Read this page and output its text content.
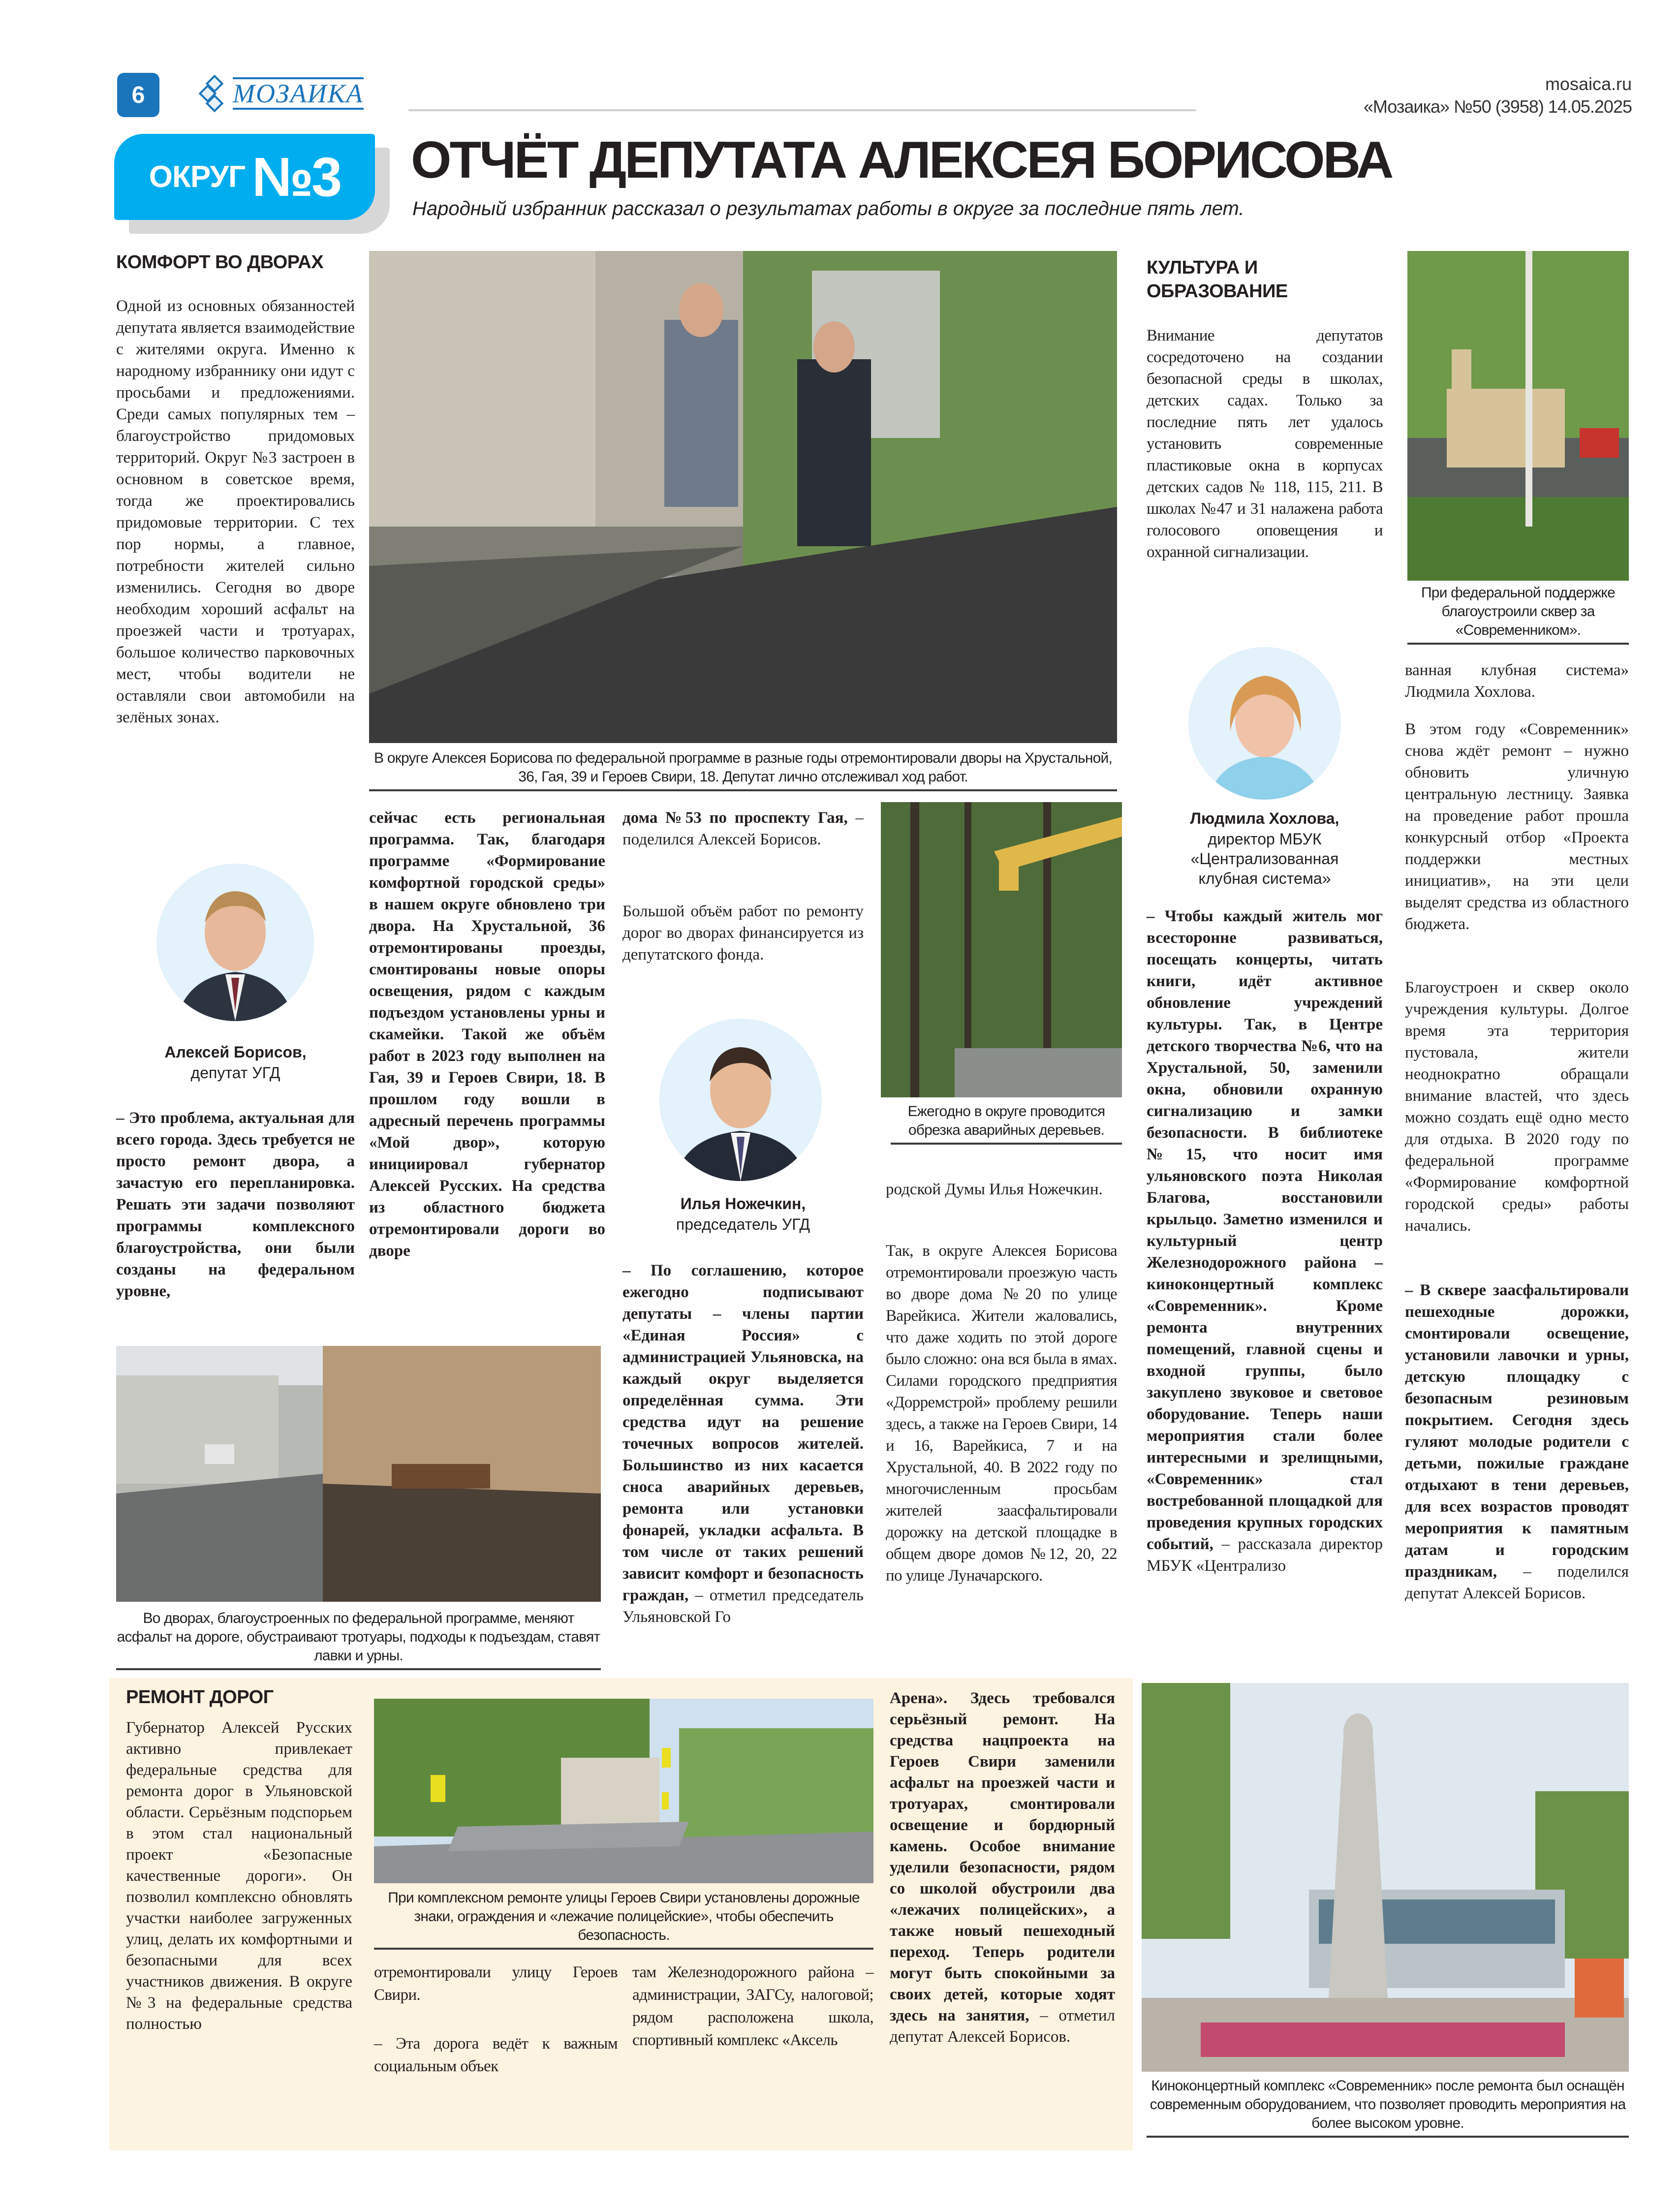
6	МОЗАИКА	mosaica.ru
«Мозаика» №50 (3958) 14.05.2025
ОКРУГ №3 ОТЧЁТ ДЕПУТАТА АЛЕКСЕЯ БОРИСОВА
Народный избранник рассказал о результатах работы в округе за последние пять лет.
КОМФОРТ ВО ДВОРАХ
Одной из основных обязанностей депутата является взаимодействие с жителями округа. Именно к народному избраннику они идут с просьбами и предложениями. Среди самых популярных тем – благоустройство придомовых территорий. Округ №3 застроен в основном в советское время, тогда же проектировались придомовые территории. С тех пор нормы, а главное, потребности жителей сильно изменились. Сегодня во дворе необходим хороший асфальт на проезжей части и тротуарах, большое количество парковочных мест, чтобы водители не оставляли свои автомобили на зелёных зонах.
Алексей Борисов,
депутат УГД
– Это проблема, актуальная для всего города. Здесь требуется не просто ремонт двора, а зачастую его перепланировка. Решать эти задачи позволяют программы комплексного благоустройства, они были созданы на федеральном уровне,
В округе Алексея Борисова по федеральной программе в разные годы отремонтировали дворы на Хрустальной, 36, Гая, 39 и Героев Свири, 18. Депутат лично отслеживал ход работ.
сейчас есть региональная программа. Так, благодаря программе «Формирование комфортной городской среды» в нашем округе обновлено три двора. На Хрустальной, 36 отремонтированы проезды, смонтированы новые опоры освещения, рядом с каждым подъездом установлены урны и скамейки. Такой же объём работ в 2023 году выполнен на Гая, 39 и Героев Свири, 18. В прошлом году вошли в адресный перечень программы «Мой двор», которую инициировал губернатор Алексей Русских. На средства из областного бюджета отремонтировали дороги во дворе
дома №53 по проспекту Гая, – поделился Алексей Борисов.
Большой объём работ по ремонту дорог во дворах финансируется из депутатского фонда.
Илья Ножечкин,
председатель УГД
– По соглашению, которое ежегодно подписывают депутаты – члены партии «Единая Россия» с администрацией Ульяновска, на каждый округ выделяется определённая сумма. Эти средства идут на решение точечных вопросов жителей. Большинство из них касается сноса аварийных деревьев, ремонта или установки фонарей, укладки асфальта. В том числе от таких решений зависит комфорт и безопасность граждан, – отметил председатель Ульяновской Го
Ежегодно в округе проводится обрезка аварийных деревьев.
родской Думы Илья Ножечкин.
Так, в округе Алексея Борисова отремонтировали проезжую часть во дворе дома №20 по улице Варейкиса. Жители жаловались, что даже ходить по этой дороге было сложно: она вся была в ямах. Силами городского предприятия «Дорремстрой» проблему решили здесь, а также на Героев Свири, 14 и 16, Варейкиса, 7 и на Хрустальной, 40. В 2022 году по многочисленным просьбам жителей заасфальтировали дорожку на детской площадке в общем дворе домов №12, 20, 22 по улице Луначарского.
Во дворах, благоустроенных по федеральной программе, меняют асфальт на дороге, обустраивают тротуары, подходы к подъездам, ставят лавки и урны.
КУЛЬТУРА И ОБРАЗОВАНИЕ
Внимание депутатов сосредоточено на создании безопасной среды в школах, детских садах. Только за последние пять лет удалось установить современные пластиковые окна в корпусах детских садов № 118, 115, 211. В школах №47 и 31 налажена работа голосового оповещения и охранной сигнализации.
При федеральной поддержке благоустроили сквер за «Современником».
Людмила Хохлова,
директор МБУК «Централизованная клубная система»
– Чтобы каждый житель мог всесторонне развиваться, посещать концерты, читать книги, идёт активное обновление учреждений культуры. Так, в Центре детского творчества №6, что на Хрустальной, 50, заменили окна, обновили охранную сигнализацию и замки безопасности. В библиотеке №15, что носит имя ульяновского поэта Николая Благова, восстановили крыльцо. Заметно изменился и культурный центр Железнодорожного района – киноконцертный комплекс «Современник». Кроме ремонта внутренних помещений, главной сцены и входной группы, было закуплено звуковое и световое оборудование. Теперь наши мероприятия стали более интересными и зрелищными, «Современник» стал востребованной площадкой для проведения крупных городских событий, – рассказала директор МБУК «Централизо
ванная клубная система» Людмила Хохлова.
В этом году «Современник» снова ждёт ремонт – нужно обновить уличную центральную лестницу. Заявка на проведение работ прошла конкурсный отбор «Проекта поддержки местных инициатив», на эти цели выделят средства из областного бюджета.
Благоустроен и сквер около учреждения культуры. Долгое время эта территория пустовала, жители неоднократно обращали внимание властей, что здесь можно создать ещё одно место для отдыха. В 2020 году по федеральной программе «Формирование комфортной городской среды» работы начались.
– В сквере заасфальтировали пешеходные дорожки, смонтировали освещение, установили лавочки и урны, детскую площадку с безопасным резиновым покрытием. Сегодня здесь гуляют молодые родители с детьми, пожилые граждане отдыхают в тени деревьев, для всех возрастов проводят мероприятия к памятным датам и городским праздникам, – поделился депутат Алексей Борисов.
РЕМОНТ ДОРОГ
Губернатор Алексей Русских активно привлекает федеральные средства для ремонта дорог в Ульяновской области. Серьёзным подспорьем в этом стал национальный проект «Безопасные качественные дороги». Он позволил комплексно обновлять участки наиболее загруженных улиц, делать их комфортными и безопасными для всех участников движения. В округе №3 на федеральные средства полностью
При комплексном ремонте улицы Героев Свири установлены дорожные знаки, ограждения и «лежачие полицейские», чтобы обеспечить безопасность.
отремонтировали улицу Героев Свири.
– Эта дорога ведёт к важным социальным объек
там Железнодорожного района – администрации, ЗАГСу, налоговой; рядом расположена школа, спортивный комплекс «Аксель
Арена». Здесь требовался серьёзный ремонт. На средства нацпроекта на Героев Свири заменили асфальт на проезжей части и тротуарах, смонтировали освещение и бордюрный камень. Особое внимание уделили безопасности, рядом со школой обустроили два «лежачих полицейских», а также новый пешеходный переход. Теперь родители могут быть спокойными за своих детей, которые ходят здесь на занятия, – отметил депутат Алексей Борисов.
Киноконцертный комплекс «Современник» после ремонта был оснащён современным оборудованием, что позволяет проводить мероприятия на более высоком уровне.
